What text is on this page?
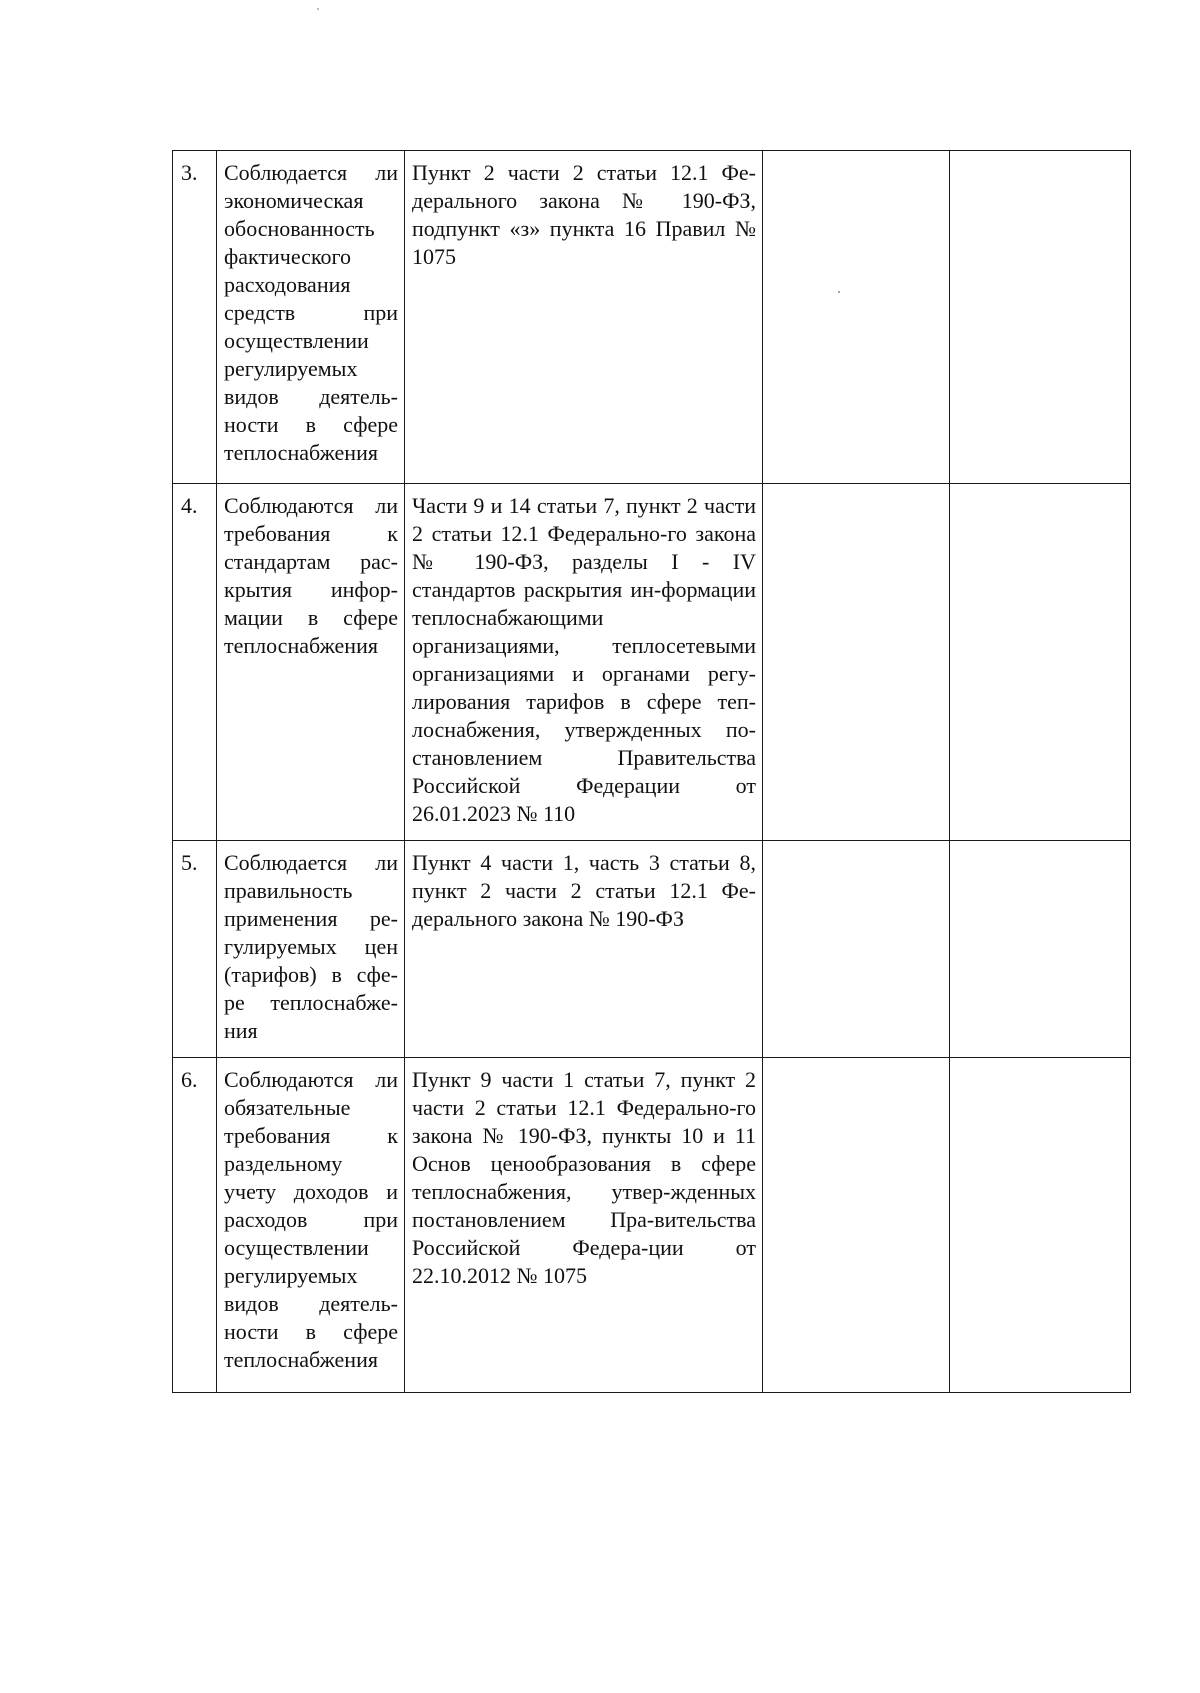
3.	Соблюдается ли экономическая обоснованность фактического расходования средств при осуществлении регулируемых видов деятель-ности в сфере теплоснабжения	Пункт 2 части 2 статьи 12.1 Фе-дерального закона № 190-ФЗ, подпункт «з» пункта 16 Правил № 1075		
4.	Соблюдаются ли требования к стандартам рас-крытия инфор-мации в сфере теплоснабжения	Части 9 и 14 статьи 7, пункт 2 части 2 статьи 12.1 Федерально-го закона № 190-ФЗ, разделы I - IV стандартов раскрытия ин-формации теплоснабжающими организациями, теплосетевыми организациями и органами регу-лирования тарифов в сфере теп-лоснабжения, утвержденных по-становлением Правительства Российской Федерации от 26.01.2023 № 110		
5.	Соблюдается ли правильность применения ре-гулируемых цен (тарифов) в сфе-ре теплоснабже-ния	Пункт 4 части 1, часть 3 статьи 8, пункт 2 части 2 статьи 12.1 Фе-дерального закона № 190-ФЗ		
6.	Соблюдаются ли обязательные требования к раздельному учету доходов и расходов при осуществлении регулируемых видов деятель-ности в сфере теплоснабжения	Пункт 9 части 1 статьи 7, пункт 2 части 2 статьи 12.1 Федерально-го закона № 190-ФЗ, пункты 10 и 11 Основ ценообразования в сфере теплоснабжения, утвер-жденных постановлением Пра-вительства Российской Федера-ции от 22.10.2012 № 1075		
